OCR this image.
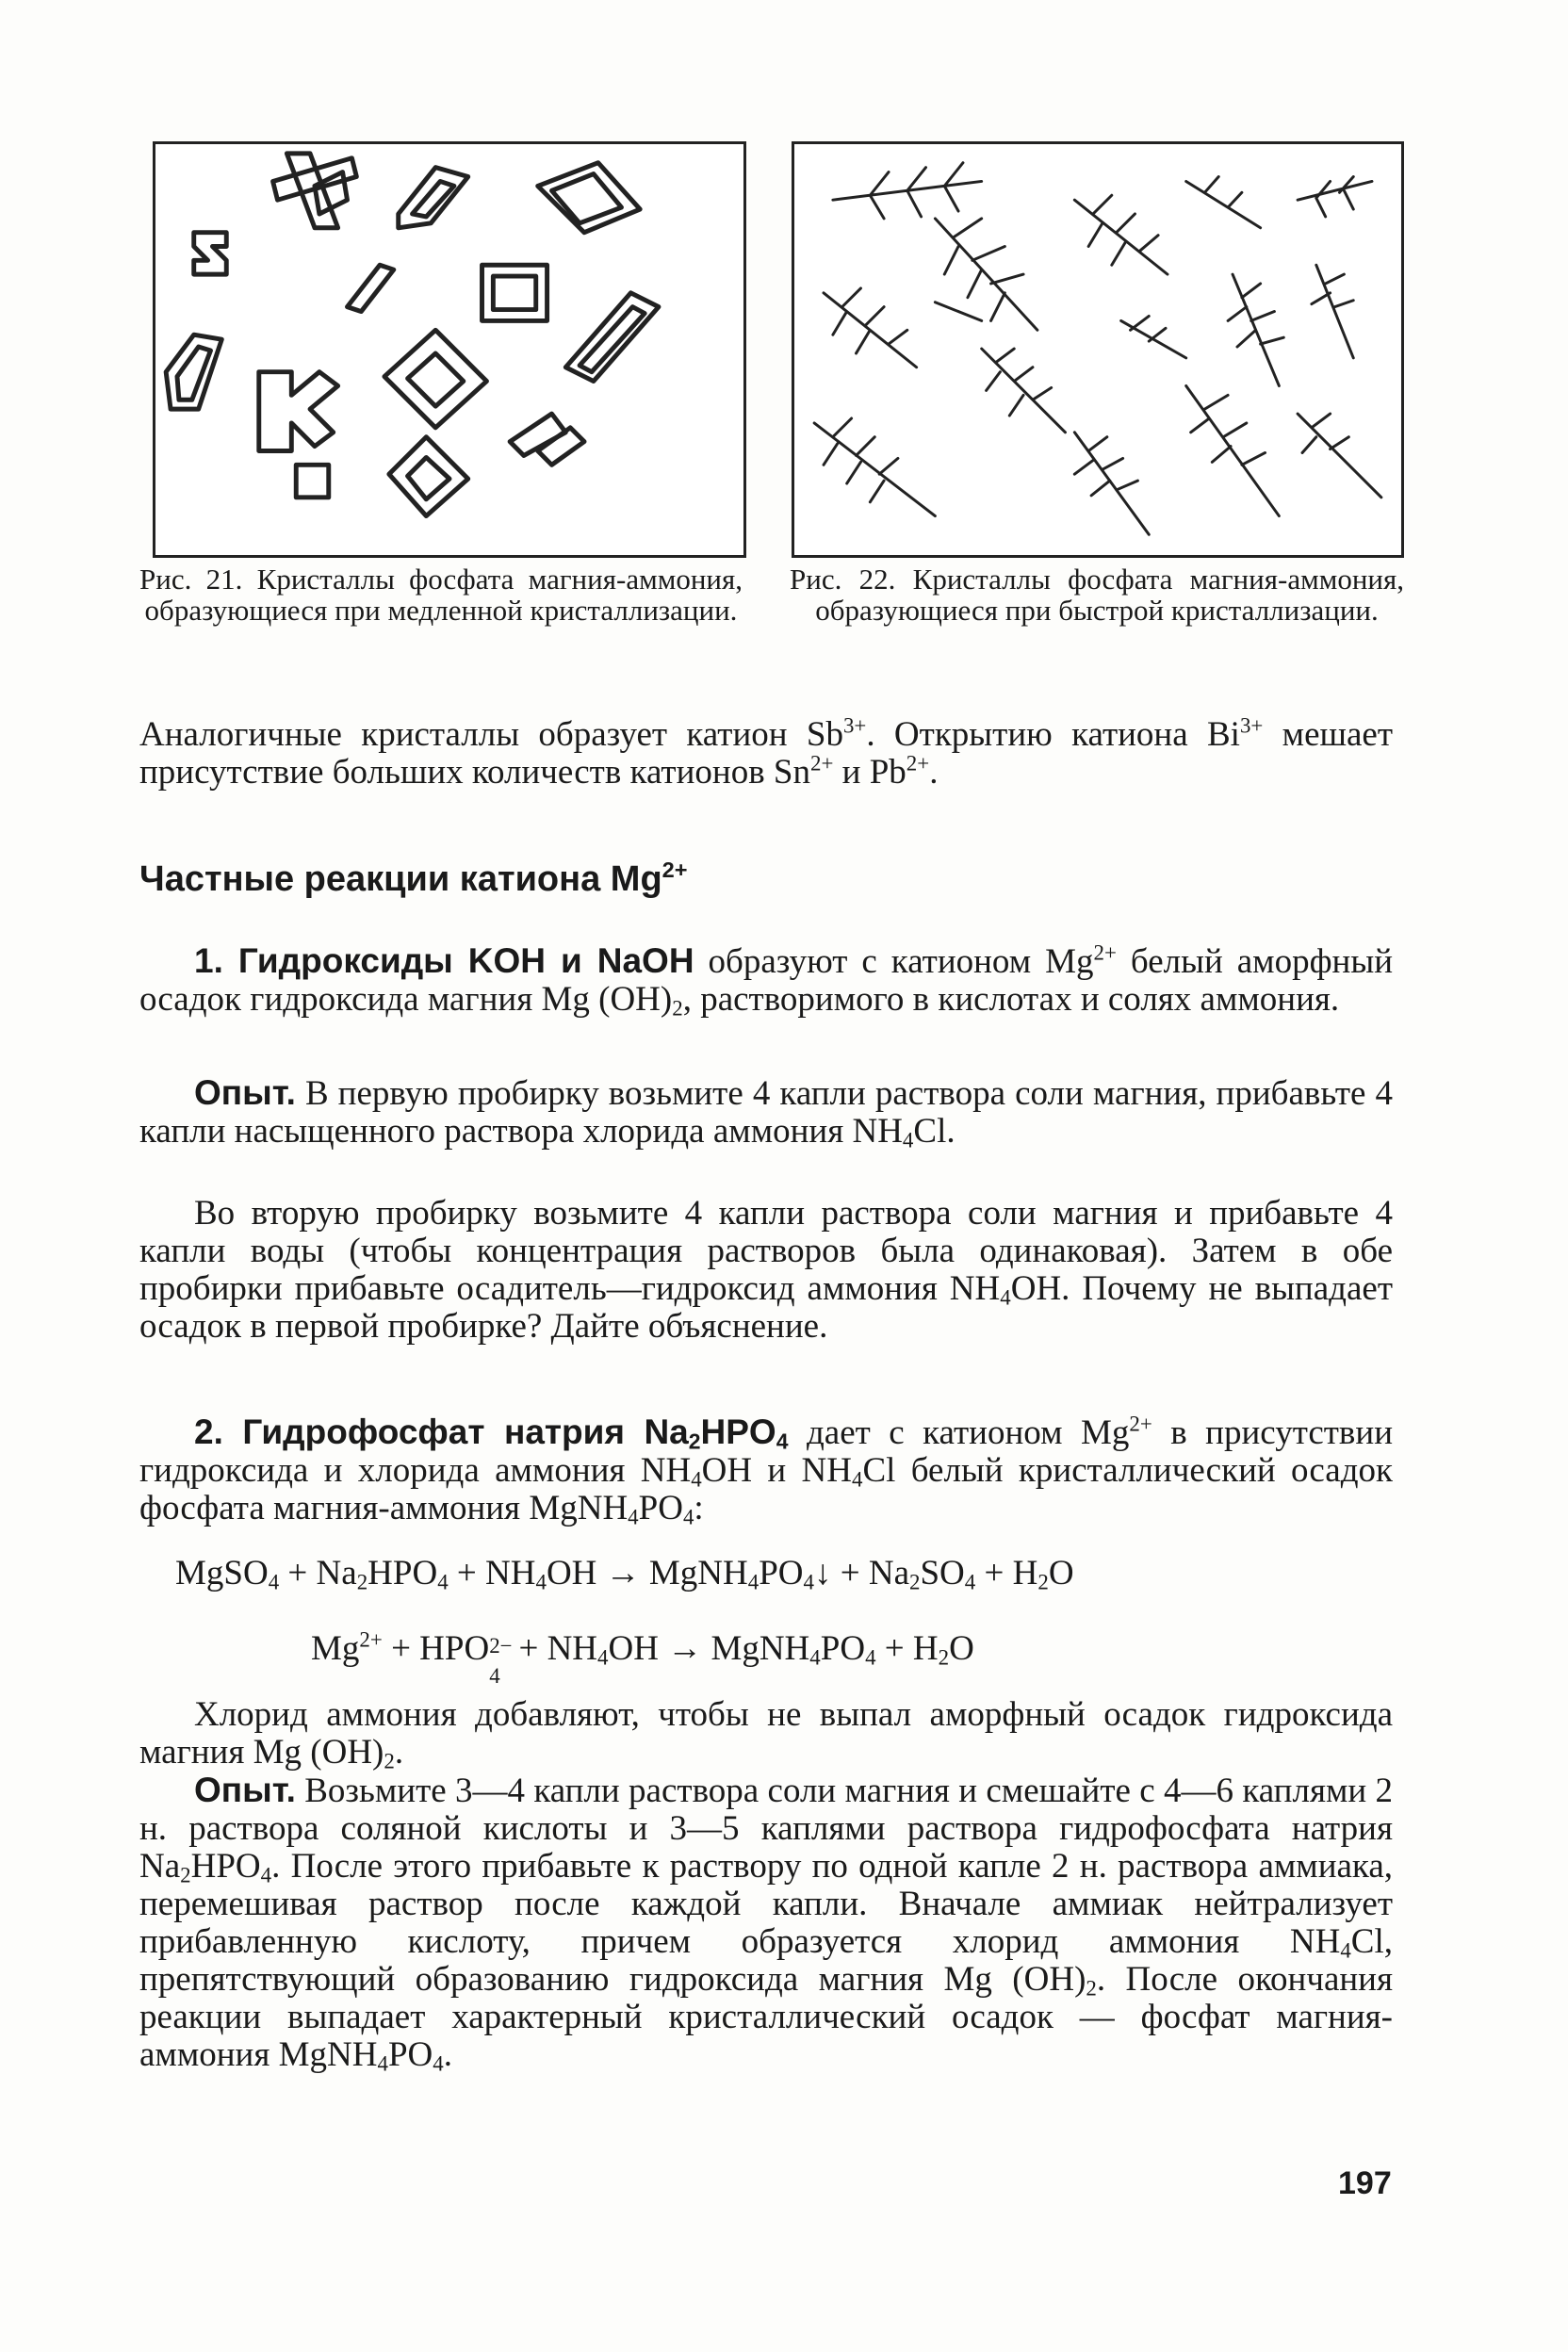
Рис. 21. Кристаллы фосфата магния-аммония, образующиеся при медленной кристаллизации.
Рис. 22. Кристаллы фосфата магния-аммония, образующиеся при быстрой кристаллизации.
Аналогичные кристаллы образует катион $Sb^{3+}$. Открытию катиона $Bi^{3+}$ мешает присутствие больших количеств катионов $Sn^{2+}$ и $Pb^{2+}$.
Частные реакции катиона $Mg^{2+}$
1. Гидроксиды KOH и NaOH образуют с катионом $Mg^{2+}$ белый аморфный осадок гидроксида магния Mg $(OH)_2$, растворимого в кислотах и солях аммония.
Опыт. В первую пробирку возьмите 4 капли раствора соли магния, прибавьте 4 капли насыщенного раствора хлорида аммония $NH_4Cl$.
Во вторую пробирку возьмите 4 капли раствора соли магния и прибавьте 4 капли воды (чтобы концентрация растворов была одинаковая). Затем в обе пробирки прибавьте осадитель—гидроксид аммония $NH_4OH$. Почему не выпадает осадок в первой пробирке? Дайте объяснение.
2. Гидрофосфат натрия $Na_2HPO_4$ дает с катионом $Mg^{2+}$ в присутствии гидроксида и хлорида аммония $NH_4OH$ и $NH_4Cl$ белый кристаллический осадок фосфата магния-аммония $MgNH_4PO_4$:
MgSO$_4$ + $Na_2HPO_4 + NH_4OH$ → $MgNH_4PO_4↓ + Na_2SO_4 + H_2O$
$Mg^{2+}$ + HPO 2−
4
+ $NH_4OH$ → $MgNH_4PO_4 + H_2O$
Хлорид аммония добавляют, чтобы не выпал аморфный осадок гидроксида магния Mg $(OH)_2$.
Опыт. Возьмите 3—4 капли раствора соли магния и смешайте с 4—6 каплями 2 н. раствора соляной кислоты и 3—5 каплями раствора гидрофосфата натрия $Na_2HPO_4$. После этого прибавьте к раствору по одной капле 2 н. раствора аммиака, перемешивая раствор после каждой капли. Вначале аммиак нейтрализует прибавленную кислоту, причем образуется хлорид аммония $NH_4Cl$, препятствующий образованию гидроксида магния Mg $(OH)_2$. После окончания реакции выпадает характерный кристаллический осадок — фосфат магния-аммония $MgNH_4PO_4$.
197
